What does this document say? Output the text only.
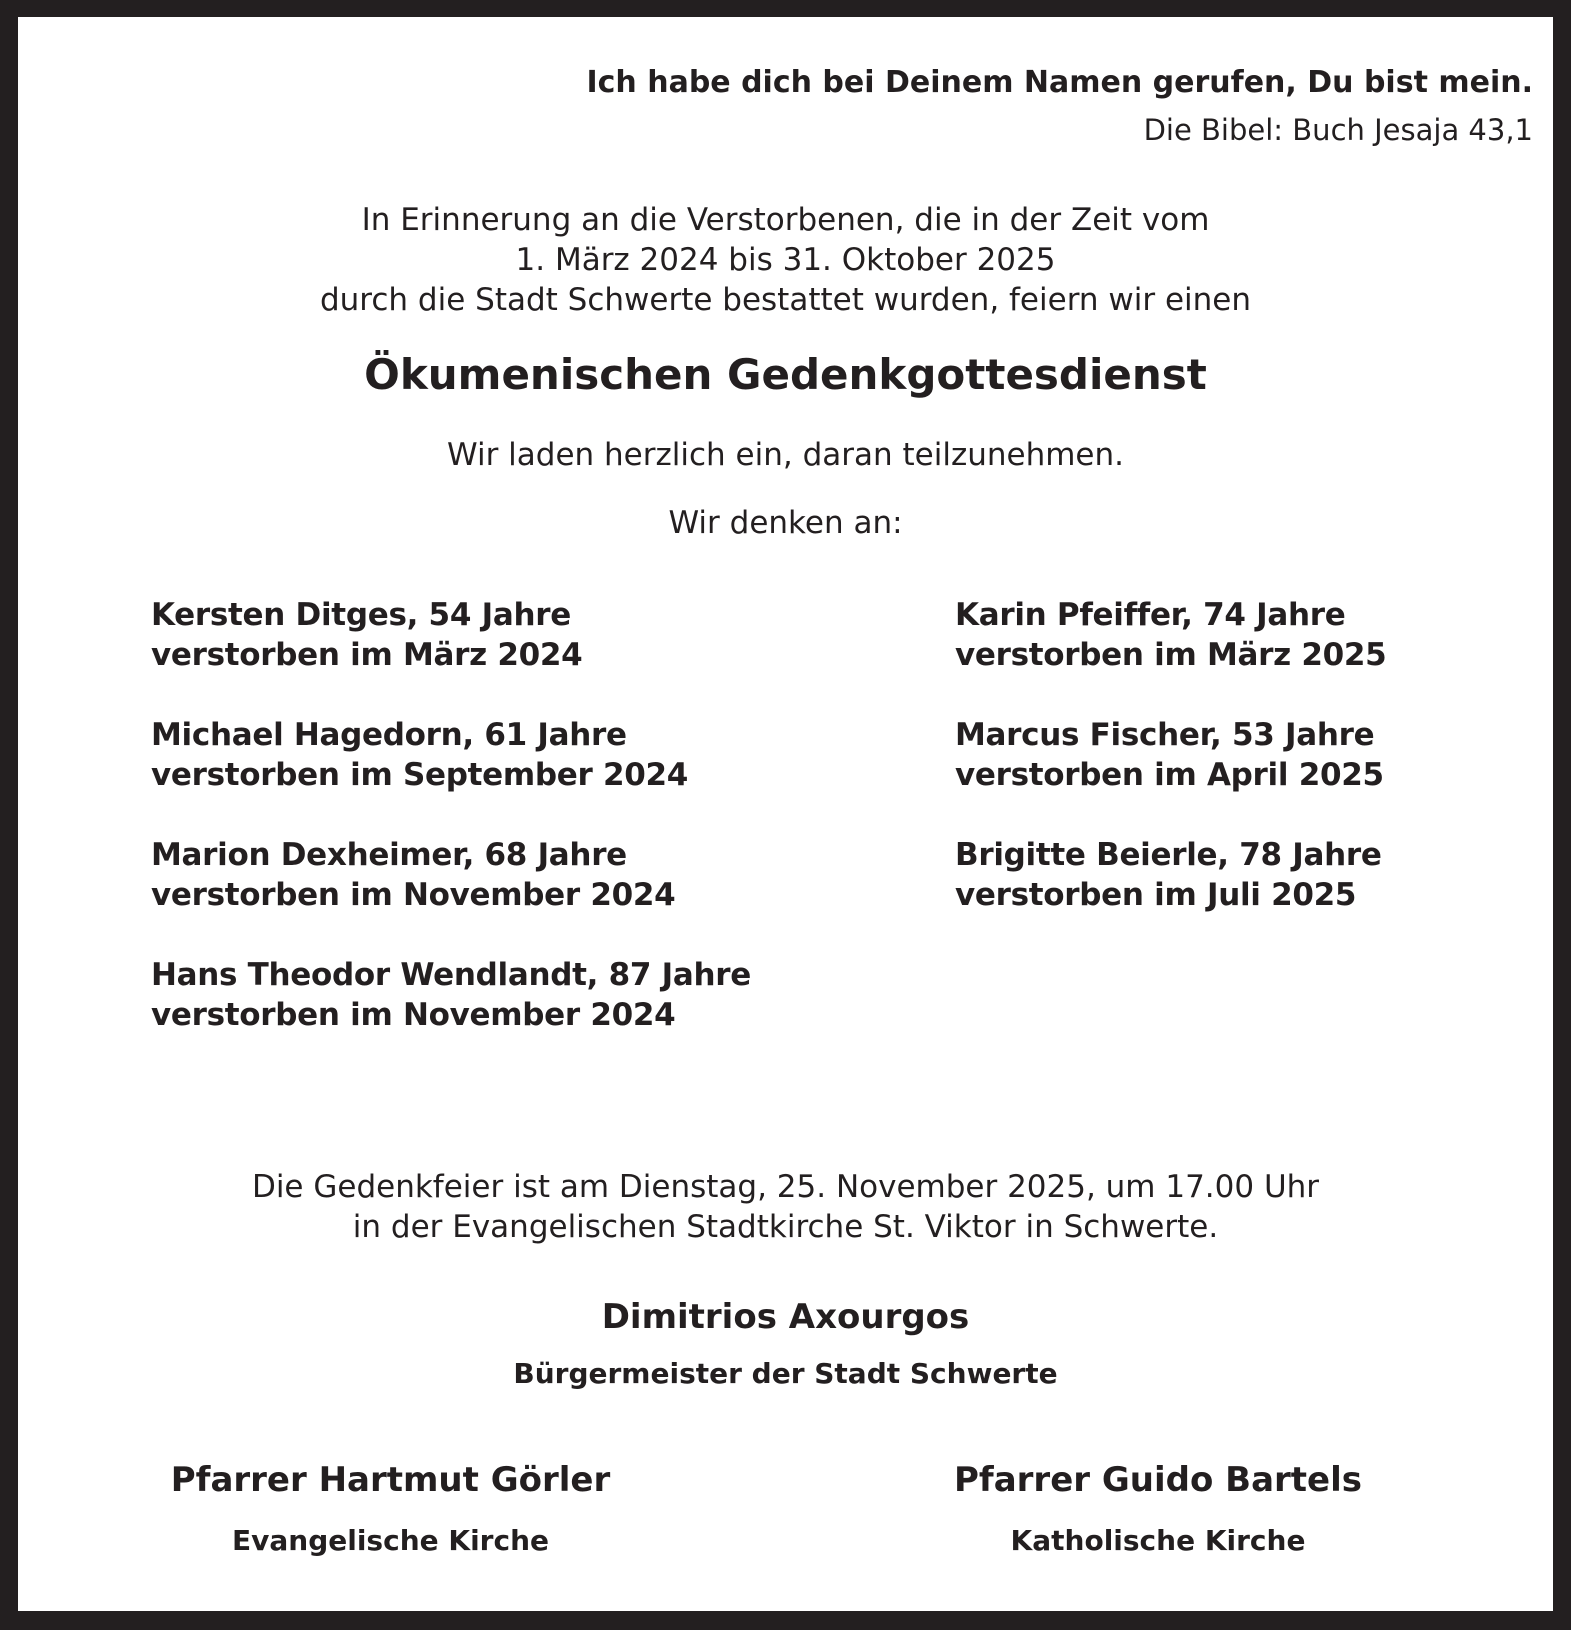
Ich habe dich bei Deinem Namen gerufen, Du bist mein.
Die Bibel: Buch Jesaja 43,1
In Erinnerung an die Verstorbenen, die in der Zeit vom
1. März 2024 bis 31. Oktober 2025
durch die Stadt Schwerte bestattet wurden, feiern wir einen
Ökumenischen Gedenkgottesdienst
Wir laden herzlich ein, daran teilzunehmen.
Wir denken an:
Kersten Ditges, 54 Jahre
verstorben im März 2024
Michael Hagedorn, 61 Jahre
verstorben im September 2024
Marion Dexheimer, 68 Jahre
verstorben im November 2024
Hans Theodor Wendlandt, 87 Jahre
verstorben im November 2024
Karin Pfeiffer, 74 Jahre
verstorben im März 2025
Marcus Fischer, 53 Jahre
verstorben im April 2025
Brigitte Beierle, 78 Jahre
verstorben im Juli 2025
Die Gedenkfeier ist am Dienstag, 25. November 2025, um 17.00 Uhr
in der Evangelischen Stadtkirche St. Viktor in Schwerte.
Dimitrios Axourgos
Bürgermeister der Stadt Schwerte
Pfarrer Hartmut Görler
Evangelische Kirche
Pfarrer Guido Bartels
Katholische Kirche
